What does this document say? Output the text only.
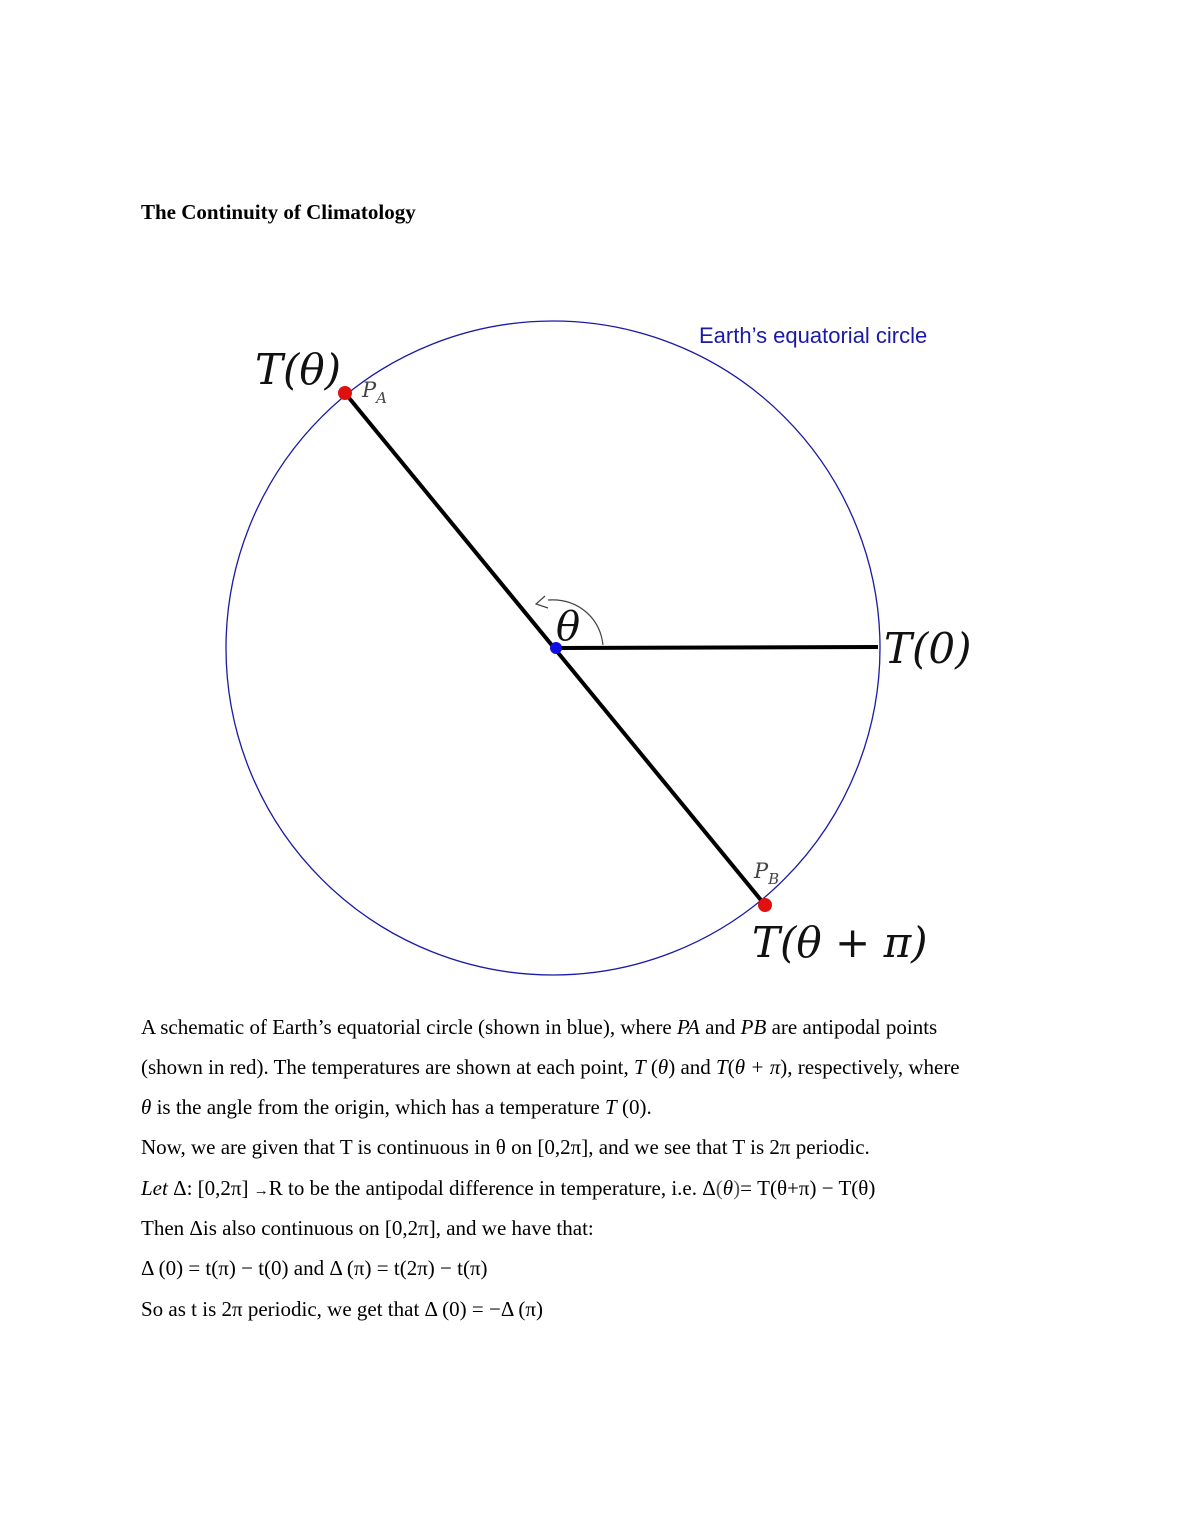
The Continuity of Climatology
Earth’s equatorial circle
T(θ) PA
θ	T(0)
PB
T(θ + π)
A schematic of Earth’s equatorial circle (shown in blue), where PA and PB are antipodal points
(shown in red). The temperatures are shown at each point, T (θ) and T(θ + π), respectively, where
θ is the angle from the origin, which has a temperature T (0).
Now, we are given that T is continuous in θ on [0,2π], and we see that T is 2π periodic.
Let Δ: [0,2π] →R to be the antipodal difference in temperature, i.e. Δ(θ)= T(θ+π) − T(θ)
Then Δis also continuous on [0,2π], and we have that:
Δ (0) = t(π) − t(0) and Δ (π) = t(2π) − t(π)
So as t is 2π periodic, we get that Δ (0) = −Δ (π)
